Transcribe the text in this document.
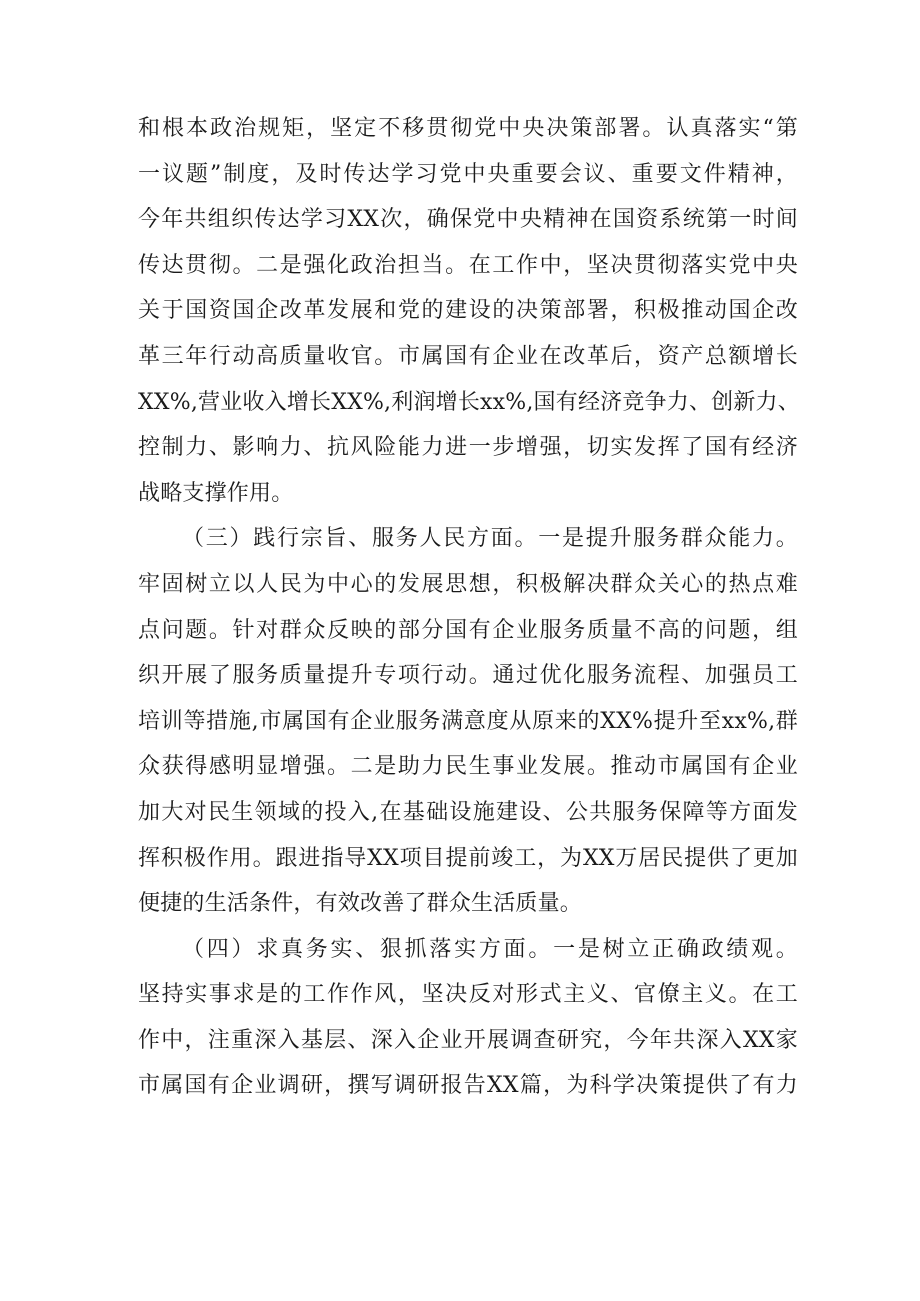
和根本政治规矩，坚定不移贯彻党中央决策部署。认真落实“第
一议题”制度，及时传达学习党中央重要会议、重要文件精神，
今年共组织传达学习XX次，确保党中央精神在国资系统第一时间
传达贯彻。二是强化政治担当。在工作中，坚决贯彻落实党中央
关于国资国企改革发展和党的建设的决策部署，积极推动国企改
革三年行动高质量收官。市属国有企业在改革后，资产总额增长
XX%,营业收入增长XX%,利润增长xx%,国有经济竞争力、创新力、
控制力、影响力、抗风险能力进一步增强，切实发挥了国有经济
战略支撑作用。
（三）践行宗旨、服务人民方面。一是提升服务群众能力。
牢固树立以人民为中心的发展思想，积极解决群众关心的热点难
点问题。针对群众反映的部分国有企业服务质量不高的问题，组
织开展了服务质量提升专项行动。通过优化服务流程、加强员工
培训等措施,市属国有企业服务满意度从原来的XX%提升至xx%,群
众获得感明显增强。二是助力民生事业发展。推动市属国有企业
加大对民生领域的投入,在基础设施建设、公共服务保障等方面发
挥积极作用。跟进指导XX项目提前竣工，为XX万居民提供了更加
便捷的生活条件，有效改善了群众生活质量。
（四）求真务实、狠抓落实方面。一是树立正确政绩观。
坚持实事求是的工作作风，坚决反对形式主义、官僚主义。在工
作中，注重深入基层、深入企业开展调查研究，今年共深入XX家
市属国有企业调研，撰写调研报告XX篇，为科学决策提供了有力
